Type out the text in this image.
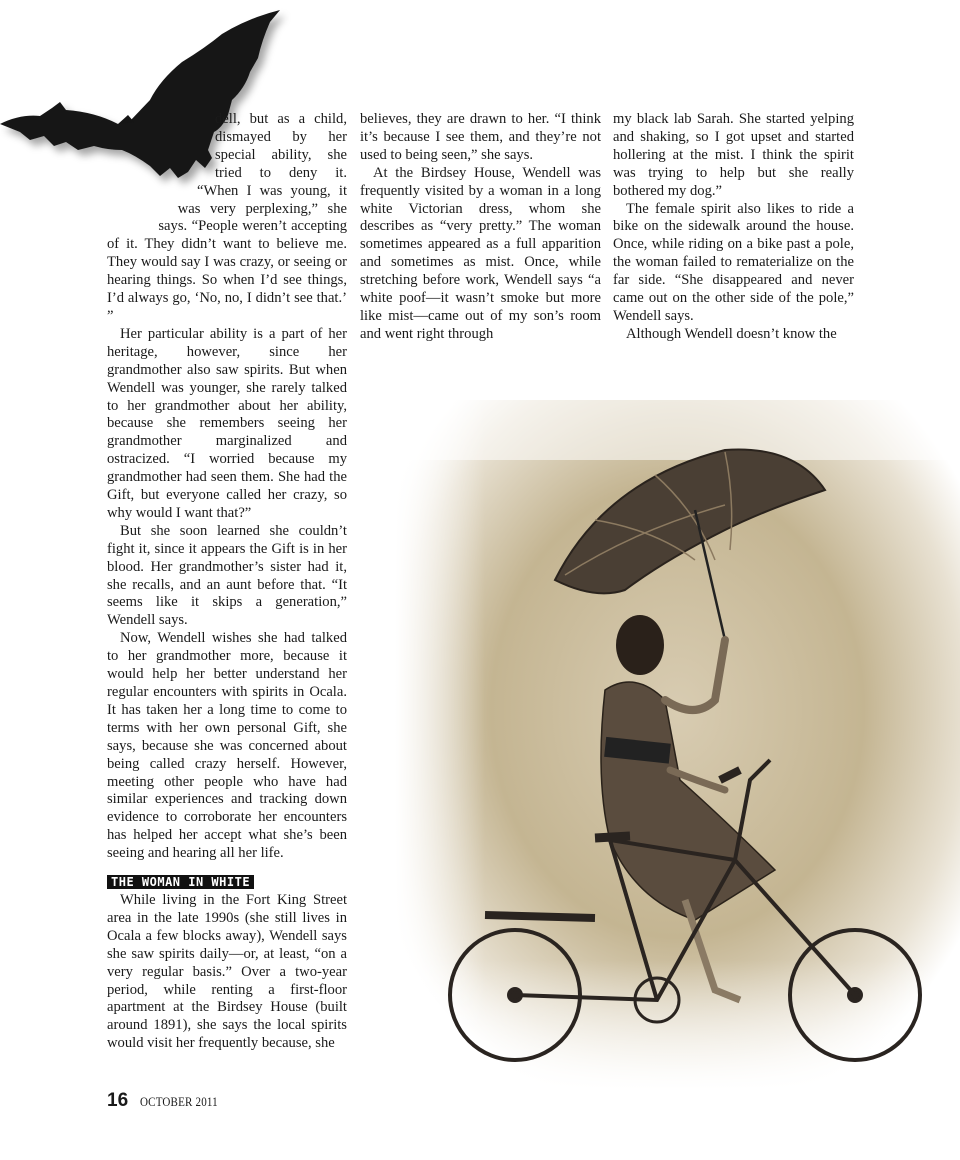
dell, but as a child, dismayed by her special ability, she tried to deny it. “When I was young, it was very perplexing,” she says. “People weren’t accepting of it. They didn’t want to believe me. They would say I was crazy, or seeing or hearing things. So when I’d see things, I’d always go, ‘No, no, I didn’t see that.’ ”

Her particular ability is a part of her heritage, however, since her grandmother also saw spirits. But when Wendell was younger, she rarely talked to her grandmother about her ability, because she remembers seeing her grandmother marginalized and ostracized. “I worried because my grandmother had seen them. She had the Gift, but everyone called her crazy, so why would I want that?”

But she soon learned she couldn’t fight it, since it appears the Gift is in her blood. Her grandmother’s sister had it, she recalls, and an aunt before that. “It seems like it skips a generation,” Wendell says.

Now, Wendell wishes she had talked to her grandmother more, because it would help her better understand her regular encounters with spirits in Ocala. It has taken her a long time to come to terms with her own personal Gift, she says, because she was concerned about being called crazy herself. However, meeting other people who have had similar experiences and tracking down evidence to corroborate her encounters has helped her accept what she’s been seeing and hearing all her life.

THE WOMAN IN WHITE

While living in the Fort King Street area in the late 1990s (she still lives in Ocala a few blocks away), Wendell says she saw spirits daily—or, at least, “on a very regular basis.” Over a two-year period, while renting a first-floor apartment at the Birdsey House (built around 1891), she says the local spirits would visit her frequently because, she

believes, they are drawn to her. “I think it’s because I see them, and they’re not used to being seen,” she says.

At the Birdsey House, Wendell was frequently visited by a woman in a long white Victorian dress, whom she describes as “very pretty.” The woman sometimes appeared as a full apparition and sometimes as mist. Once, while stretching before work, Wendell says “a white poof—it wasn’t smoke but more like mist—came out of my son’s room and went right through

my black lab Sarah. She started yelping and shaking, so I got upset and started hollering at the mist. I think the spirit was trying to help but she really bothered my dog.”

The female spirit also likes to ride a bike on the sidewalk around the house. Once, while riding on a bike past a pole, the woman failed to rematerialize on the far side. “She disappeared and never came out on the other side of the pole,” Wendell says.

Although Wendell doesn’t know the

16 OCTOBER 2011
